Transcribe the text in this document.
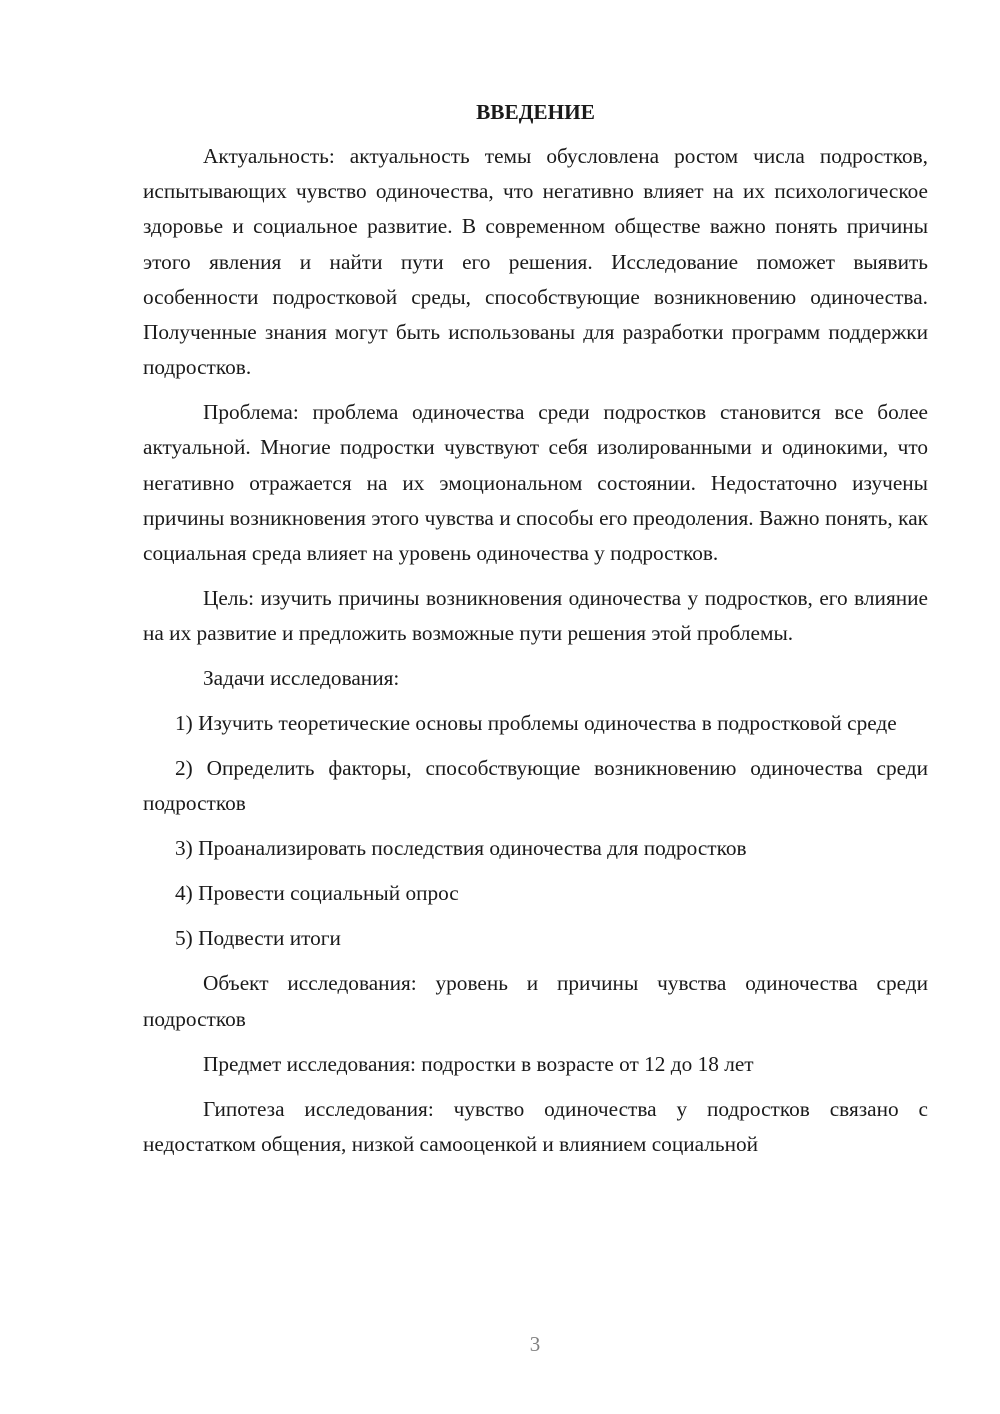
ВВЕДЕНИЕ

Актуальность: актуальность темы обусловлена ростом числа подростков, испытывающих чувство одиночества, что негативно влияет на их психологическое здоровье и социальное развитие. В современном обществе важно понять причины этого явления и найти пути его решения. Исследование поможет выявить особенности подростковой среды, способствующие возникновению одиночества. Полученные знания могут быть использованы для разработки программ поддержки подростков.

Проблема: проблема одиночества среди подростков становится все более актуальной. Многие подростки чувствуют себя изолированными и одинокими, что негативно отражается на их эмоциональном состоянии. Недостаточно изучены причины возникновения этого чувства и способы его преодоления. Важно понять, как социальная среда влияет на уровень одиночества у подростков.

Цель: изучить причины возникновения одиночества у подростков, его влияние на их развитие и предложить возможные пути решения этой проблемы.

Задачи исследования:

1) Изучить теоретические основы проблемы одиночества в подростковой среде

2) Определить факторы, способствующие возникновению одиночества среди подростков

3) Проанализировать последствия одиночества для подростков

4) Провести социальный опрос

5) Подвести итоги

Объект исследования: уровень и причины чувства одиночества среди подростков

Предмет исследования: подростки в возрасте от 12 до 18 лет

Гипотеза исследования: чувство одиночества у подростков связано с недостатком общения, низкой самооценкой и влиянием социальной

3
